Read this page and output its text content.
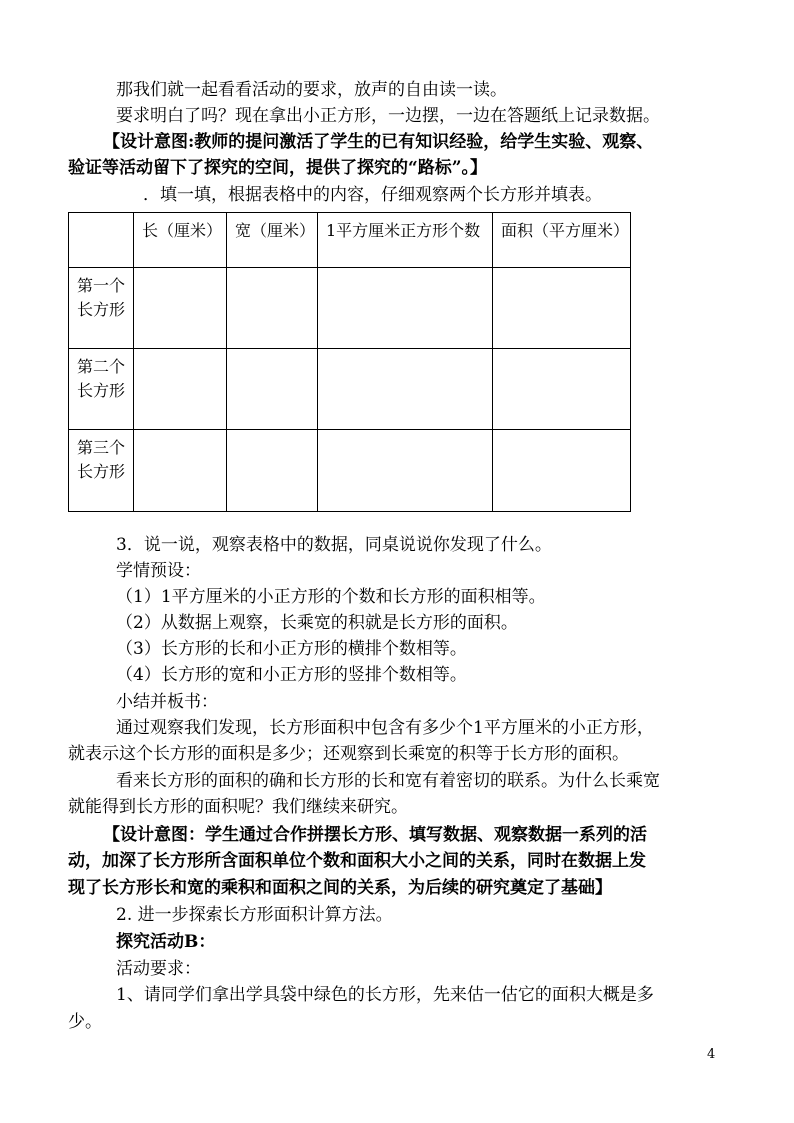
那我们就一起看看活动的要求，放声的自由读一读。
要求明白了吗？现在拿出小正方形，一边摆，一边在答题纸上记录数据。
【设计意图:教师的提问激活了学生的已有知识经验，给学生实验、观察、
验证等活动留下了探究的空间，提供了探究的“路标”。】
．填一填，根据表格中的内容，仔细观察两个长方形并填表。
	长（厘米）	宽（厘米）	1平方厘米正方形个数	面积（平方厘米）
第一个长方形				
第二个长方形				
第三个长方形				
3．说一说，观察表格中的数据，同桌说说你发现了什么。
学情预设：
（1）1平方厘米的小正方形的个数和长方形的面积相等。
（2）从数据上观察，长乘宽的积就是长方形的面积。
（3）长方形的长和小正方形的横排个数相等。
（4）长方形的宽和小正方形的竖排个数相等。
小结并板书：
通过观察我们发现，长方形面积中包含有多少个1平方厘米的小正方形，
就表示这个长方形的面积是多少；还观察到长乘宽的积等于长方形的面积。
看来长方形的面积的确和长方形的长和宽有着密切的联系。为什么长乘宽
就能得到长方形的面积呢？我们继续来研究。
【设计意图：学生通过合作拼摆长方形、填写数据、观察数据一系列的活
动，加深了长方形所含面积单位个数和面积大小之间的关系，同时在数据上发
现了长方形长和宽的乘积和面积之间的关系，为后续的研究奠定了基础】
2. 进一步探索长方形面积计算方法。
探究活动B：
活动要求：
1、请同学们拿出学具袋中绿色的长方形，先来估一估它的面积大概是多
少。
4
